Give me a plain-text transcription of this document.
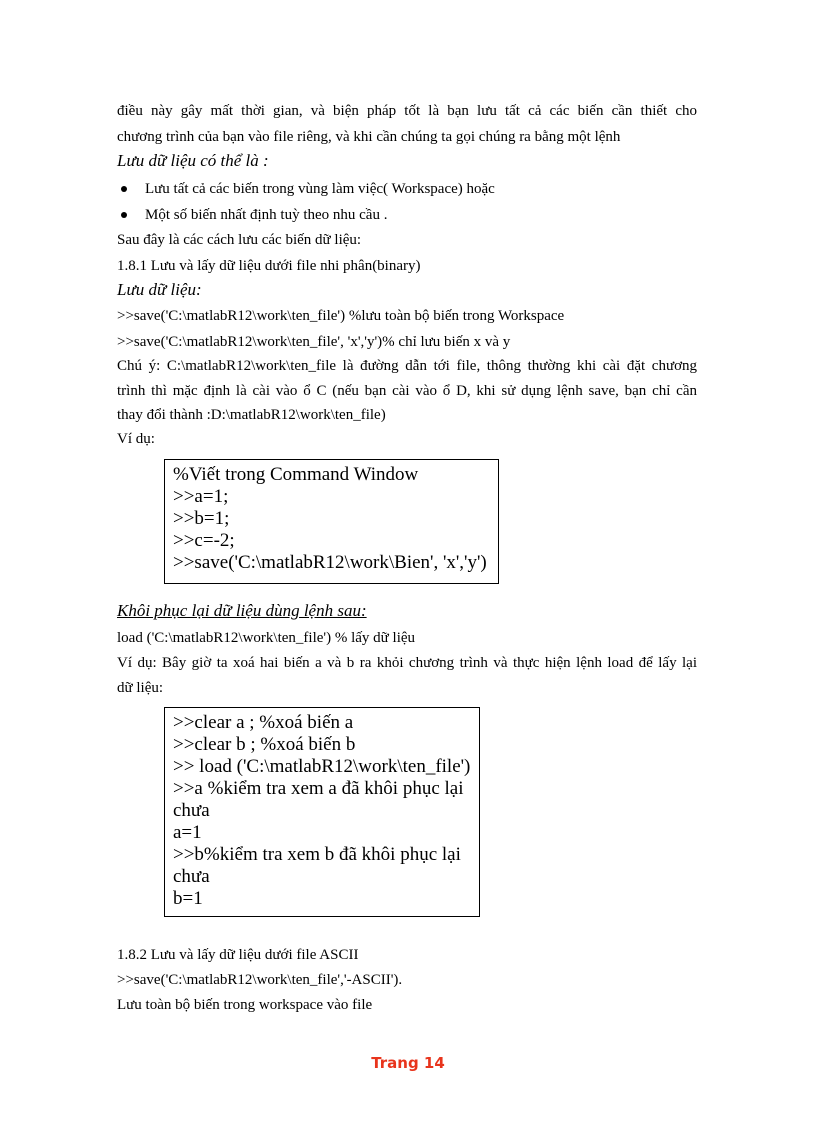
điều này gây mất thời gian, và biện pháp tốt là bạn lưu tất cả các biến cần thiết cho
chương trình của bạn vào file riêng, và khi cần chúng ta gọi chúng ra bằng một lệnh
Lưu dữ liệu có thể là :
Lưu tất cả các biến trong vùng làm việc( Workspace) hoặc
Một số biến nhất định tuỳ theo nhu cầu .
Sau đây là các cách lưu các biến dữ liệu:
1.8.1 Lưu và lấy dữ liệu dưới file nhi phân(binary)
Lưu dữ liệu:
>>save('C:\matlabR12\work\ten_file') %lưu toàn bộ biến trong Workspace
>>save('C:\matlabR12\work\ten_file', 'x','y')% chỉ lưu biến x và y
Chú ý: C:\matlabR12\work\ten_file là đường dẫn tới file, thông thường khi cài đặt chương
trình thì mặc định là cài vào ổ C (nếu bạn cài vào ổ D, khi sử dụng lệnh save, bạn chỉ cần
thay đổi thành :D:\matlabR12\work\ten_file)
Ví dụ:
%Viết trong Command Window
>>a=1;
>>b=1;
>>c=-2;
>>save('C:\matlabR12\work\Bien', 'x','y')
Khôi phục lại dữ liệu dùng lệnh sau:
load ('C:\matlabR12\work\ten_file') % lấy dữ liệu
Ví dụ: Bây giờ ta xoá hai biến a và b ra khỏi chương trình và thực hiện lệnh load để lấy lại
dữ liệu:
>>clear a ; %xoá biến a
>>clear b ; %xoá biến b
>> load ('C:\matlabR12\work\ten_file')
>>a %kiểm tra xem a đã khôi phục lại chưa
a=1
>>b%kiểm tra xem b đã khôi phục lại chưa
b=1
1.8.2 Lưu và lấy dữ liệu dưới file ASCII
>>save('C:\matlabR12\work\ten_file','-ASCII').
Lưu toàn bộ biến trong workspace vào file
Trang 14
